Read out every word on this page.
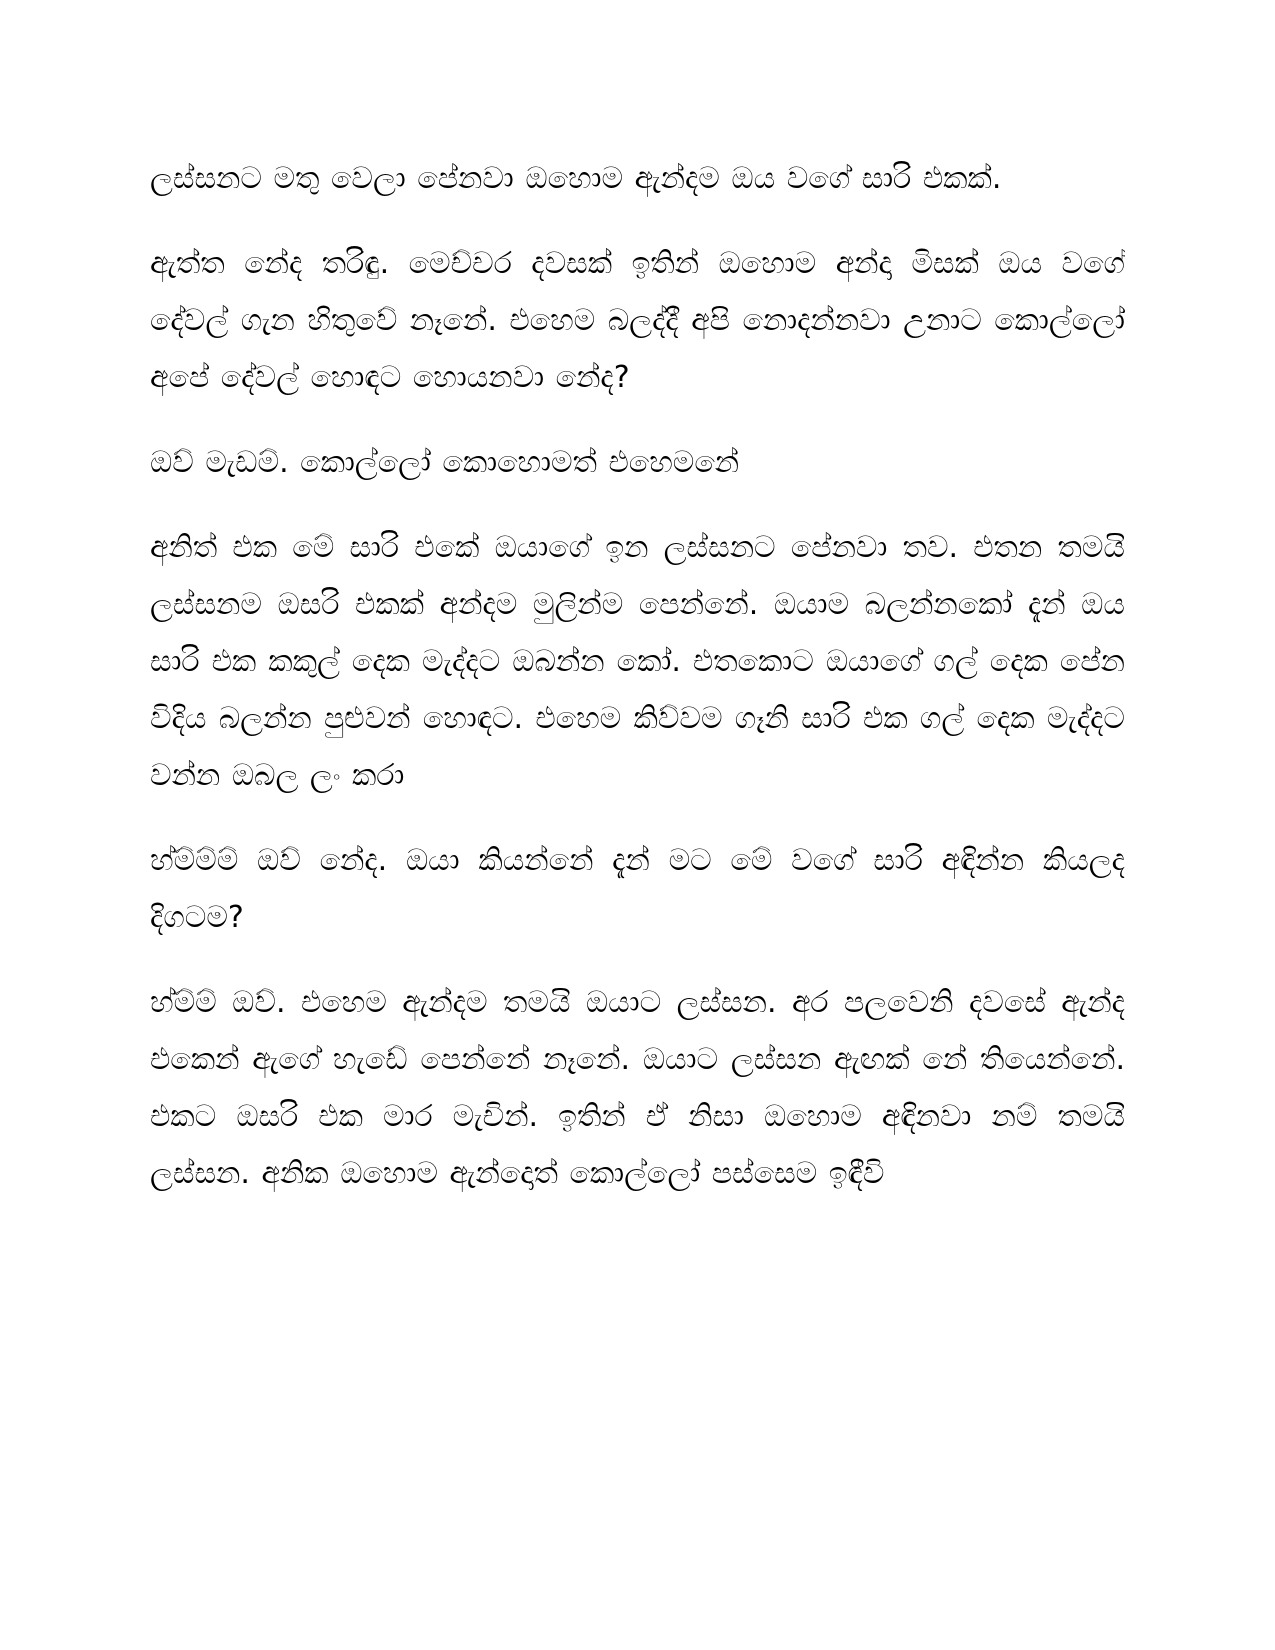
ලස්සනට මතු වෙලා පේනවා ඔහොම ඇන්දම ඔය වගේ සාරි එකක්.

ඇත්ත නේද තරිඳු. මෙච්චර දවසක් ඉතින් ඔහොම අන්දා මිසක් ඔය වගේ දේවල් ගැන හිතුවේ නෑනේ. එහෙම බලද්දී අපි නොදන්නවා උනාට කොල්ලෝ අපේ දේවල් හොඳට හොයනවා නේද?

ඔව් මැඩම්. කොල්ලෝ කොහොමත් එහෙමනේ

අනිත් එක මේ සාරි එකේ ඔයාගේ ඉන ලස්සනට පේනවා තව. එතන තමයි ලස්සනම ඔසරි එකක් අන්දම මුලින්ම පෙන්නේ. ඔයාම බලන්නකෝ දැන් ඔය සාරි එක කකුල් දෙක මැද්දට ඔබන්න කෝ. එතකොට ඔයාගේ ගල් දෙක පේන විදිය බලන්න පුළුවන් හොඳට. එහෙම කිව්වම ගෑනි සාරි එක ගල් දෙක මැද්දට වන්න ඔබල ලං කරා

හ්ම්ම්ම් ඔව් නේද. ඔයා කියන්නේ දැන් මට මේ වගේ සාරි අඳින්න කියලද දිගටම?

හ්ම්ම් ඔව්. එහෙම ඇන්දම තමයි ඔයාට ලස්සන. අර පලවෙනි දවසේ ඇන්ද එකෙන් ඇගේ හැඩේ පෙන්නේ නෑනේ. ඔයාට ලස්සන ඇඟක් නේ තියෙන්නේ. එකට ඔසරි එක මාර මැචින්. ඉතින් ඒ නිසා ඔහොම අඳිනවා නම් තමයි ලස්සන. අනික ඔහොම ඇන්දොත් කොල්ලෝ පස්සෙම ඉඳීවි
